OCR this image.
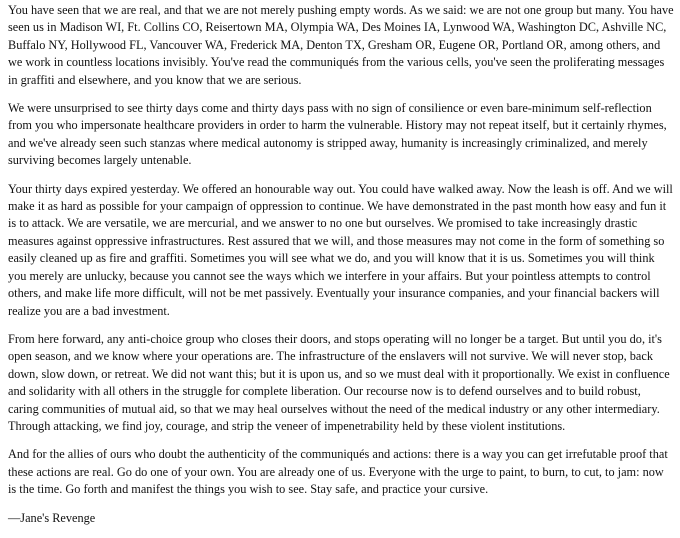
You have seen that we are real, and that we are not merely pushing empty words. As we said: we are not one group but many. You have seen us in Madison WI, Ft. Collins CO, Reisertown MA, Olympia WA, Des Moines IA, Lynwood WA, Washington DC, Ashville NC, Buffalo NY, Hollywood FL, Vancouver WA, Frederick MA, Denton TX, Gresham OR, Eugene OR, Portland OR, among others, and we work in countless locations invisibly. You've read the communiqués from the various cells, you've seen the proliferating messages in graffiti and elsewhere, and you know that we are serious.

We were unsurprised to see thirty days come and thirty days pass with no sign of consilience or even bare-minimum self-reflection from you who impersonate healthcare providers in order to harm the vulnerable. History may not repeat itself, but it certainly rhymes, and we've already seen such stanzas where medical autonomy is stripped away, humanity is increasingly criminalized, and merely surviving becomes largely untenable.

Your thirty days expired yesterday. We offered an honourable way out. You could have walked away. Now the leash is off. And we will make it as hard as possible for your campaign of oppression to continue. We have demonstrated in the past month how easy and fun it is to attack. We are versatile, we are mercurial, and we answer to no one but ourselves. We promised to take increasingly drastic measures against oppressive infrastructures. Rest assured that we will, and those measures may not come in the form of something so easily cleaned up as fire and graffiti. Sometimes you will see what we do, and you will know that it is us. Sometimes you will think you merely are unlucky, because you cannot see the ways which we interfere in your affairs. But your pointless attempts to control others, and make life more difficult, will not be met passively. Eventually your insurance companies, and your financial backers will realize you are a bad investment.

From here forward, any anti-choice group who closes their doors, and stops operating will no longer be a target. But until you do, it's open season, and we know where your operations are. The infrastructure of the enslavers will not survive. We will never stop, back down, slow down, or retreat. We did not want this; but it is upon us, and so we must deal with it proportionally. We exist in confluence and solidarity with all others in the struggle for complete liberation. Our recourse now is to defend ourselves and to build robust, caring communities of mutual aid, so that we may heal ourselves without the need of the medical industry or any other intermediary. Through attacking, we find joy, courage, and strip the veneer of impenetrability held by these violent institutions.

And for the allies of ours who doubt the authenticity of the communiqués and actions: there is a way you can get irrefutable proof that these actions are real. Go do one of your own. You are already one of us. Everyone with the urge to paint, to burn, to cut, to jam: now is the time. Go forth and manifest the things you wish to see. Stay safe, and practice your cursive.

—Jane's Revenge
